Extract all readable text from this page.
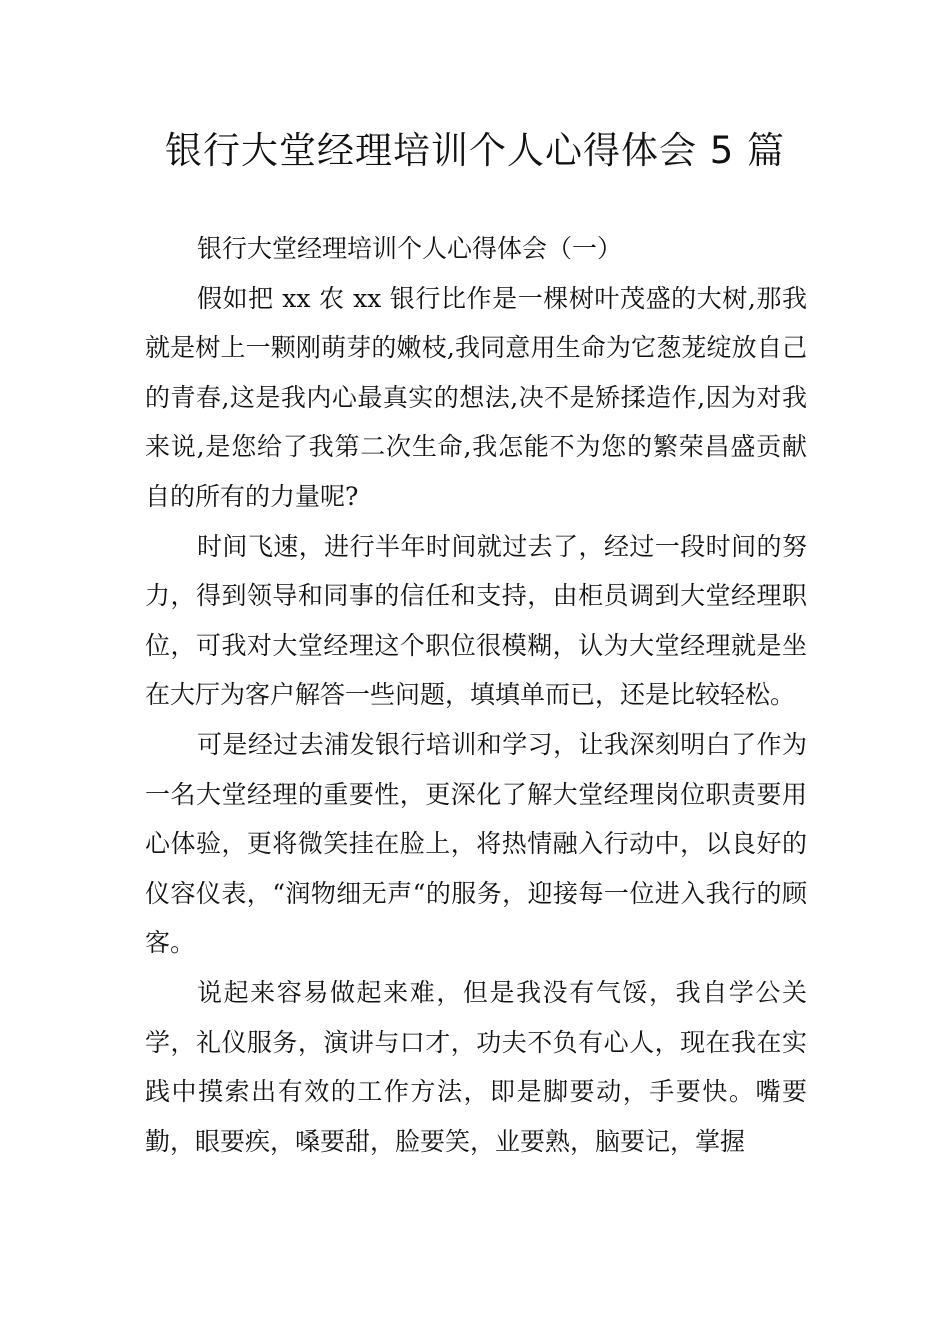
银行大堂经理培训个人心得体会 5 篇

银行大堂经理培训个人心得体会（一）

假如把 xx 农 xx 银行比作是一棵树叶茂盛的大树,那我就是树上一颗刚萌芽的嫩枝,我同意用生命为它葱茏绽放自己的青春,这是我内心最真实的想法,决不是矫揉造作,因为对我来说,是您给了我第二次生命,我怎能不为您的繁荣昌盛贡献自的所有的力量呢?

时间飞速，进行半年时间就过去了，经过一段时间的努力，得到领导和同事的信任和支持，由柜员调到大堂经理职位，可我对大堂经理这个职位很模糊，认为大堂经理就是坐在大厅为客户解答一些问题，填填单而已，还是比较轻松。

可是经过去浦发银行培训和学习，让我深刻明白了作为一名大堂经理的重要性，更深化了解大堂经理岗位职责要用心体验，更将微笑挂在脸上，将热情融入行动中，以良好的仪容仪表，“润物细无声“的服务，迎接每一位进入我行的顾客。

说起来容易做起来难，但是我没有气馁，我自学公关学，礼仪服务，演讲与口才，功夫不负有心人，现在我在实践中摸索出有效的工作方法，即是脚要动，手要快。嘴要勤，眼要疾，嗓要甜，脸要笑，业要熟，脑要记，掌握
